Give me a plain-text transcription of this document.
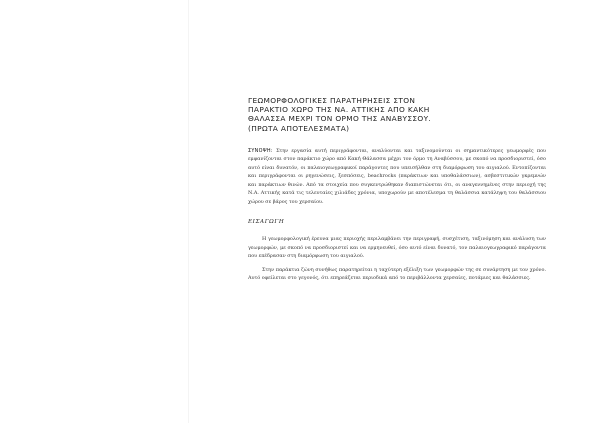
ΓΕΩΜΟΡΦΟΛΟΓΙΚΕΣ ΠΑΡΑΤΗΡΗΣΕΙΣ ΣΤΟΝ
ΠΑΡΑΚΤΙΟ ΧΩΡΟ ΤΗΣ ΝΑ. ΑΤΤΙΚΗΣ ΑΠΟ ΚΑΚΗ
ΘΑΛΑΣΣΑ ΜΕΧΡΙ ΤΟΝ ΟΡΜΟ ΤΗΣ ΑΝΑΒΥΣΣΟΥ.
(ΠΡΩΤΑ ΑΠΟΤΕΛΕΣΜΑΤΑ)

ΣΥΝΟΨΗ: Στην εργασία αυτή περιγράφονται, αναλύονται και ταξινομούνται οι σημαντικότερες γεωμορφές που εμφανίζονται στον παράκτιο χώρο από Κακή Θάλασσα μέχρι τον όρμο τη Αναβύσσου, με σκοπό να προσδιοριστεί, όσο αυτό είναι δυνατόν, οι παλαιογεωγραφικοί παράγοντες που υπεισήλθαν στη διαμόρφωση του αιγιαλού. Εντοπίζονται και περιγράφονται οι ρηγενώσεις, ξεσπόσεις, beachrocks (παράκτιων και υποθαλάσσιων), ασβεστιτικών γκρεμνών και παράκτιων θινών. Από τα στοιχεία που συγκεντρώθηκαν διαπιστώνεται ότι, οι αναγεννημένες στην περιοχή της Ν.Α. Αττικής κατά τις τελευταίες χιλιάδες χρόνια, υποχωρούν με αποτέλεσμα τη θαλάσσια κατάληψη του θαλάσσιου χώρου σε βάρος του χερσαίου.

ΕΙΣΑΓΩΓΗ

Η γεωμορφολογική έρευνα μιας περιοχής περιλαμβάνει την περιγραφή, συσχέτιση, ταξινόμηση και ανάλυση των γεωμορφών, με σκοπό να προσδιοριστεί και να ερμηνευθεί, όσο αυτό είναι δυνατό, τον παλαιογεωγραφικό παράγοντα που επέδρασαν στη διαμόρφωση του αιγιαλού.

Στην παράκτια ζώνη συνήθως παρατηρείται η ταχύτερη εξέλιξη των γεωμορφών της σε συνάρτηση με τον χρόνο. Αυτό οφείλεται στο γεγονός, ότι επηρεάζεται περιοδικά από το περιβάλλοντα χερσαίες, ποτάμιες και θαλάσσιες.
